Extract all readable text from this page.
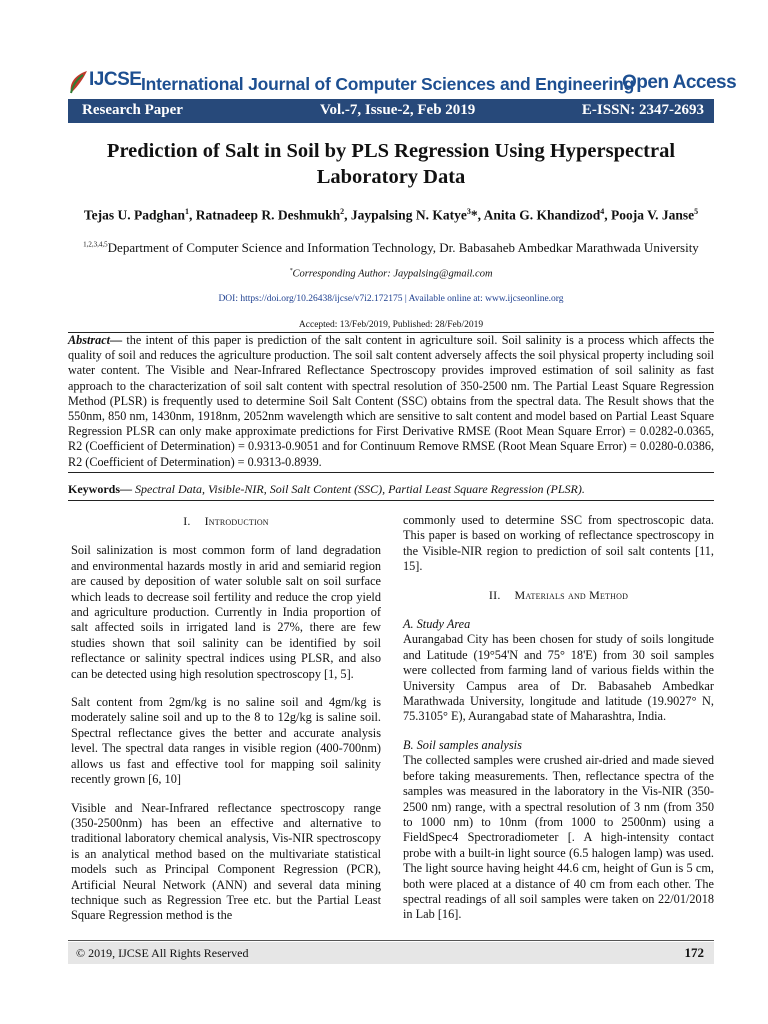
IJCSE International Journal of Computer Sciences and Engineering
Open Access
Research Paper	Vol.-7, Issue-2, Feb 2019	E-ISSN: 2347-2693
Prediction of Salt in Soil by PLS Regression Using Hyperspectral Laboratory Data
Tejas U. Padghan$^1$, Ratnadeep R. Deshmukh$^2$, Jaypalsing N. Katye$^3$*, Anita G. Khandizod$^4$, Pooja V. Janse$^5$
$^{1,2,3,4,5}$Department of Computer Science and Information Technology, Dr. Babasaheb Ambedkar Marathwada University
*Corresponding Author: Jaypalsing@gmail.com
DOI: https://doi.org/10.26438/ijcse/v7i2.172175 | Available online at: www.ijcseonline.org
Accepted: 13/Feb/2019, Published: 28/Feb/2019
Abstract— the intent of this paper is prediction of the salt content in agriculture soil. Soil salinity is a process which affects the quality of soil and reduces the agriculture production. The soil salt content adversely affects the soil physical property including soil water content. The Visible and Near-Infrared Reflectance Spectroscopy provides improved estimation of soil salinity as fast approach to the characterization of soil salt content with spectral resolution of 350-2500 nm. The Partial Least Square Regression Method (PLSR) is frequently used to determine Soil Salt Content (SSC) obtains from the spectral data. The Result shows that the 550nm, 850 nm, 1430nm, 1918nm, 2052nm wavelength which are sensitive to salt content and model based on Partial Least Square Regression PLSR can only make approximate predictions for First Derivative RMSE (Root Mean Square Error) = 0.0282-0.0365, R2 (Coefficient of Determination) = 0.9313-0.9051 and for Continuum Remove RMSE (Root Mean Square Error) = 0.0280-0.0386, R2 (Coefficient of Determination) = 0.9313-0.8939.
Keywords— Spectral Data, Visible-NIR, Soil Salt Content (SSC), Partial Least Square Regression (PLSR).
I. Introduction

Soil salinization is most common form of land degradation and environmental hazards mostly in arid and semiarid region are caused by deposition of water soluble salt on soil surface which leads to decrease soil fertility and reduce the crop yield and agriculture production. Currently in India proportion of salt affected soils in irrigated land is 27%, there are few studies shown that soil salinity can be identified by soil reflectance or salinity spectral indices using PLSR, and also can be detected using high resolution spectroscopy [1, 5].

Salt content from 2gm/kg is no saline soil and 4gm/kg is moderately saline soil and up to the 8 to 12g/kg is saline soil. Spectral reflectance gives the better and accurate analysis level. The spectral data ranges in visible region (400-700nm) allows us fast and effective tool for mapping soil salinity recently grown [6, 10]

Visible and Near-Infrared reflectance spectroscopy range (350-2500nm) has been an effective and alternative to traditional laboratory chemical analysis, Vis-NIR spectroscopy is an analytical method based on the multivariate statistical models such as Principal Component Regression (PCR), Artificial Neural Network (ANN) and several data mining technique such as Regression Tree etc. but the Partial Least Square Regression method is the

commonly used to determine SSC from spectroscopic data. This paper is based on working of reflectance spectroscopy in the Visible-NIR region to prediction of soil salt contents [11, 15].

II. Materials and Method
A. Study Area

Aurangabad City has been chosen for study of soils longitude and Latitude (19°54'N and 75° 18'E) from 30 soil samples were collected from farming land of various fields within the University Campus area of Dr. Babasaheb Ambedkar Marathwada University, longitude and latitude (19.9027° N, 75.3105° E), Aurangabad state of Maharashtra, India.

B. Soil samples analysis

The collected samples were crushed air-dried and made sieved before taking measurements. Then, reflectance spectra of the samples was measured in the laboratory in the Vis-NIR (350-2500 nm) range, with a spectral resolution of 3 nm (from 350 to 1000 nm) to 10nm (from 1000 to 2500nm) using a FieldSpec4 Spectroradiometer [. A high-intensity contact probe with a built-in light source (6.5 halogen lamp) was used. The light source having height 44.6 cm, height of Gun is 5 cm, both were placed at a distance of 40 cm from each other. The spectral readings of all soil samples were taken on 22/01/2018 in Lab [16].

© 2019, IJCSE All Rights Reserved	172
